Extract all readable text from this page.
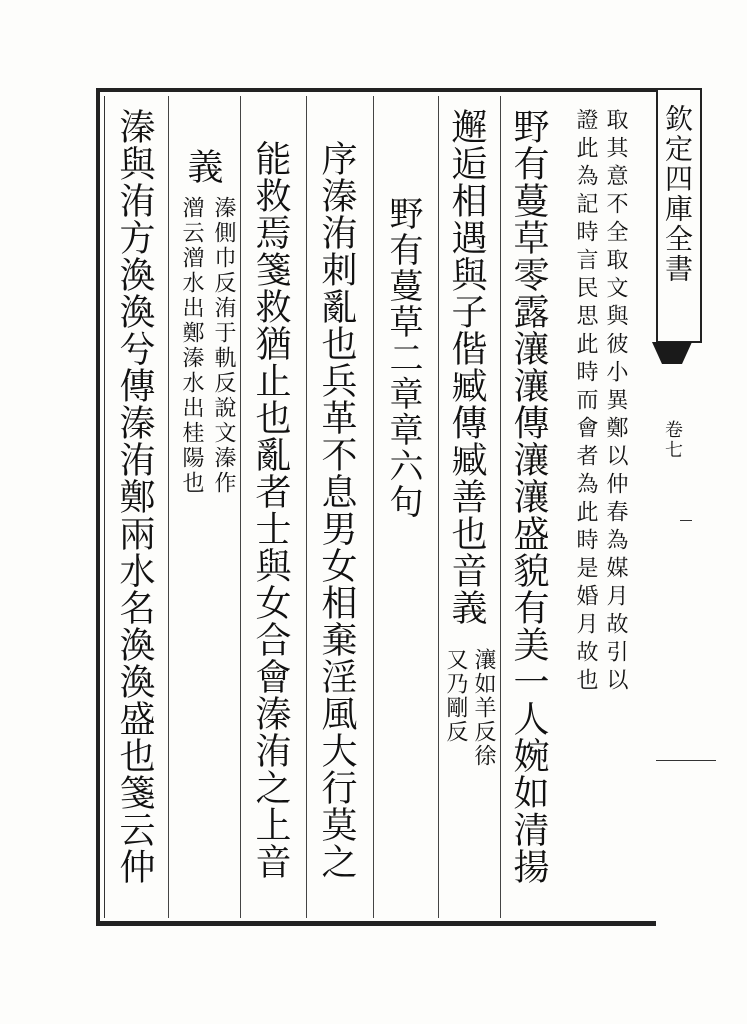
欽定四庫全書
卷七
取其意不全取文與彼小異鄭以仲春為媒月故引以
證此為記時言民思此時而會者為此時是婚月故也
野有蔓草零露瀼瀼傳瀼瀼盛貌有美一人婉如清揚
邂逅相遇與子偕臧傳臧善也音義
瀼如羊反徐
又乃剛反
野有蔓草二章章六句
序溱洧刺亂也兵革不息男女相棄淫風大行莫之
能救焉箋救猶止也亂者士與女合會溱洧之上音
義
溱側巾反洧于軌反說文溱作
潧云潧水出鄭溱水出桂陽也
溱與洧方渙渙兮傳溱洧鄭兩水名渙渙盛也箋云仲
